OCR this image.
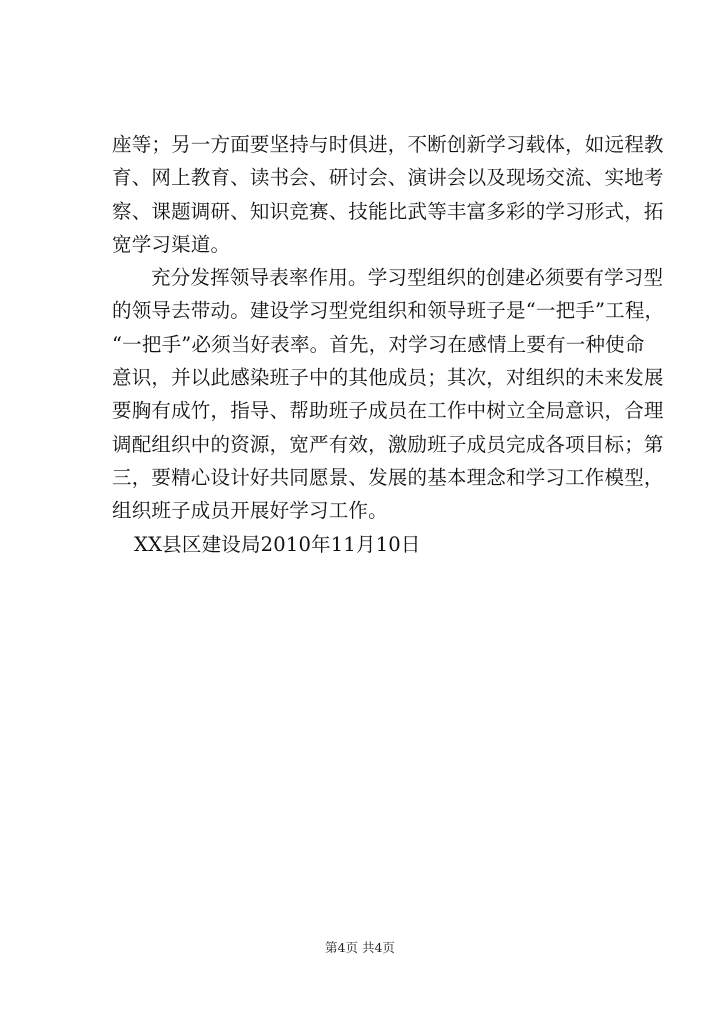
座等；另一方面要坚持与时俱进，不断创新学习载体，如远程教
育、网上教育、读书会、研讨会、演讲会以及现场交流、实地考
察、课题调研、知识竞赛、技能比武等丰富多彩的学习形式，拓
宽学习渠道。
充分发挥领导表率作用。学习型组织的创建必须要有学习型
的领导去带动。建设学习型党组织和领导班子是“一把手”工程，
“一把手”必须当好表率。首先，对学习在感情上要有一种使命
意识，并以此感染班子中的其他成员；其次，对组织的未来发展
要胸有成竹，指导、帮助班子成员在工作中树立全局意识，合理
调配组织中的资源，宽严有效，激励班子成员完成各项目标；第
三，要精心设计好共同愿景、发展的基本理念和学习工作模型，
组织班子成员开展好学习工作。
XX县区建设局2010年11月10日
第4页 共4页
